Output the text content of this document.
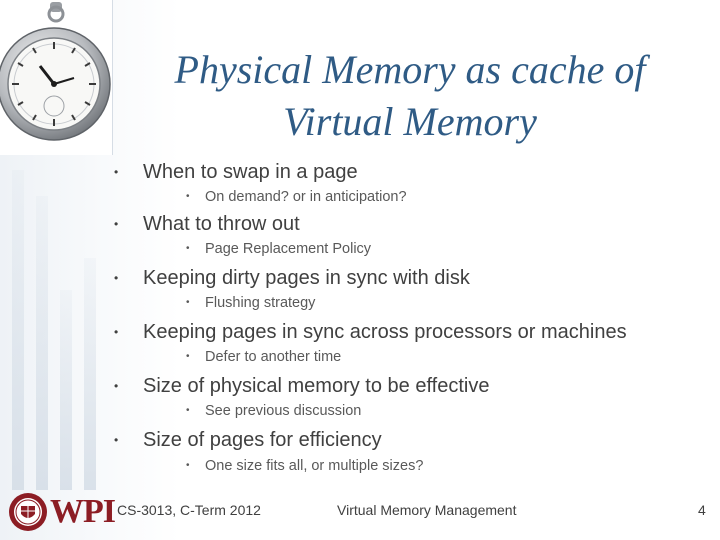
Physical Memory as cache of
Virtual Memory
• When to swap in a page
• On demand? or in anticipation?
• What to throw out
• Page Replacement Policy
• Keeping dirty pages in sync with disk
• Flushing strategy
• Keeping pages in sync across processors or machines
• Defer to another time
• Size of physical memory to be effective
• See previous discussion
• Size of pages for efficiency
• One size fits all, or multiple sizes?
WPI CS-3013, C-Term 2012	Virtual Memory Management	4
